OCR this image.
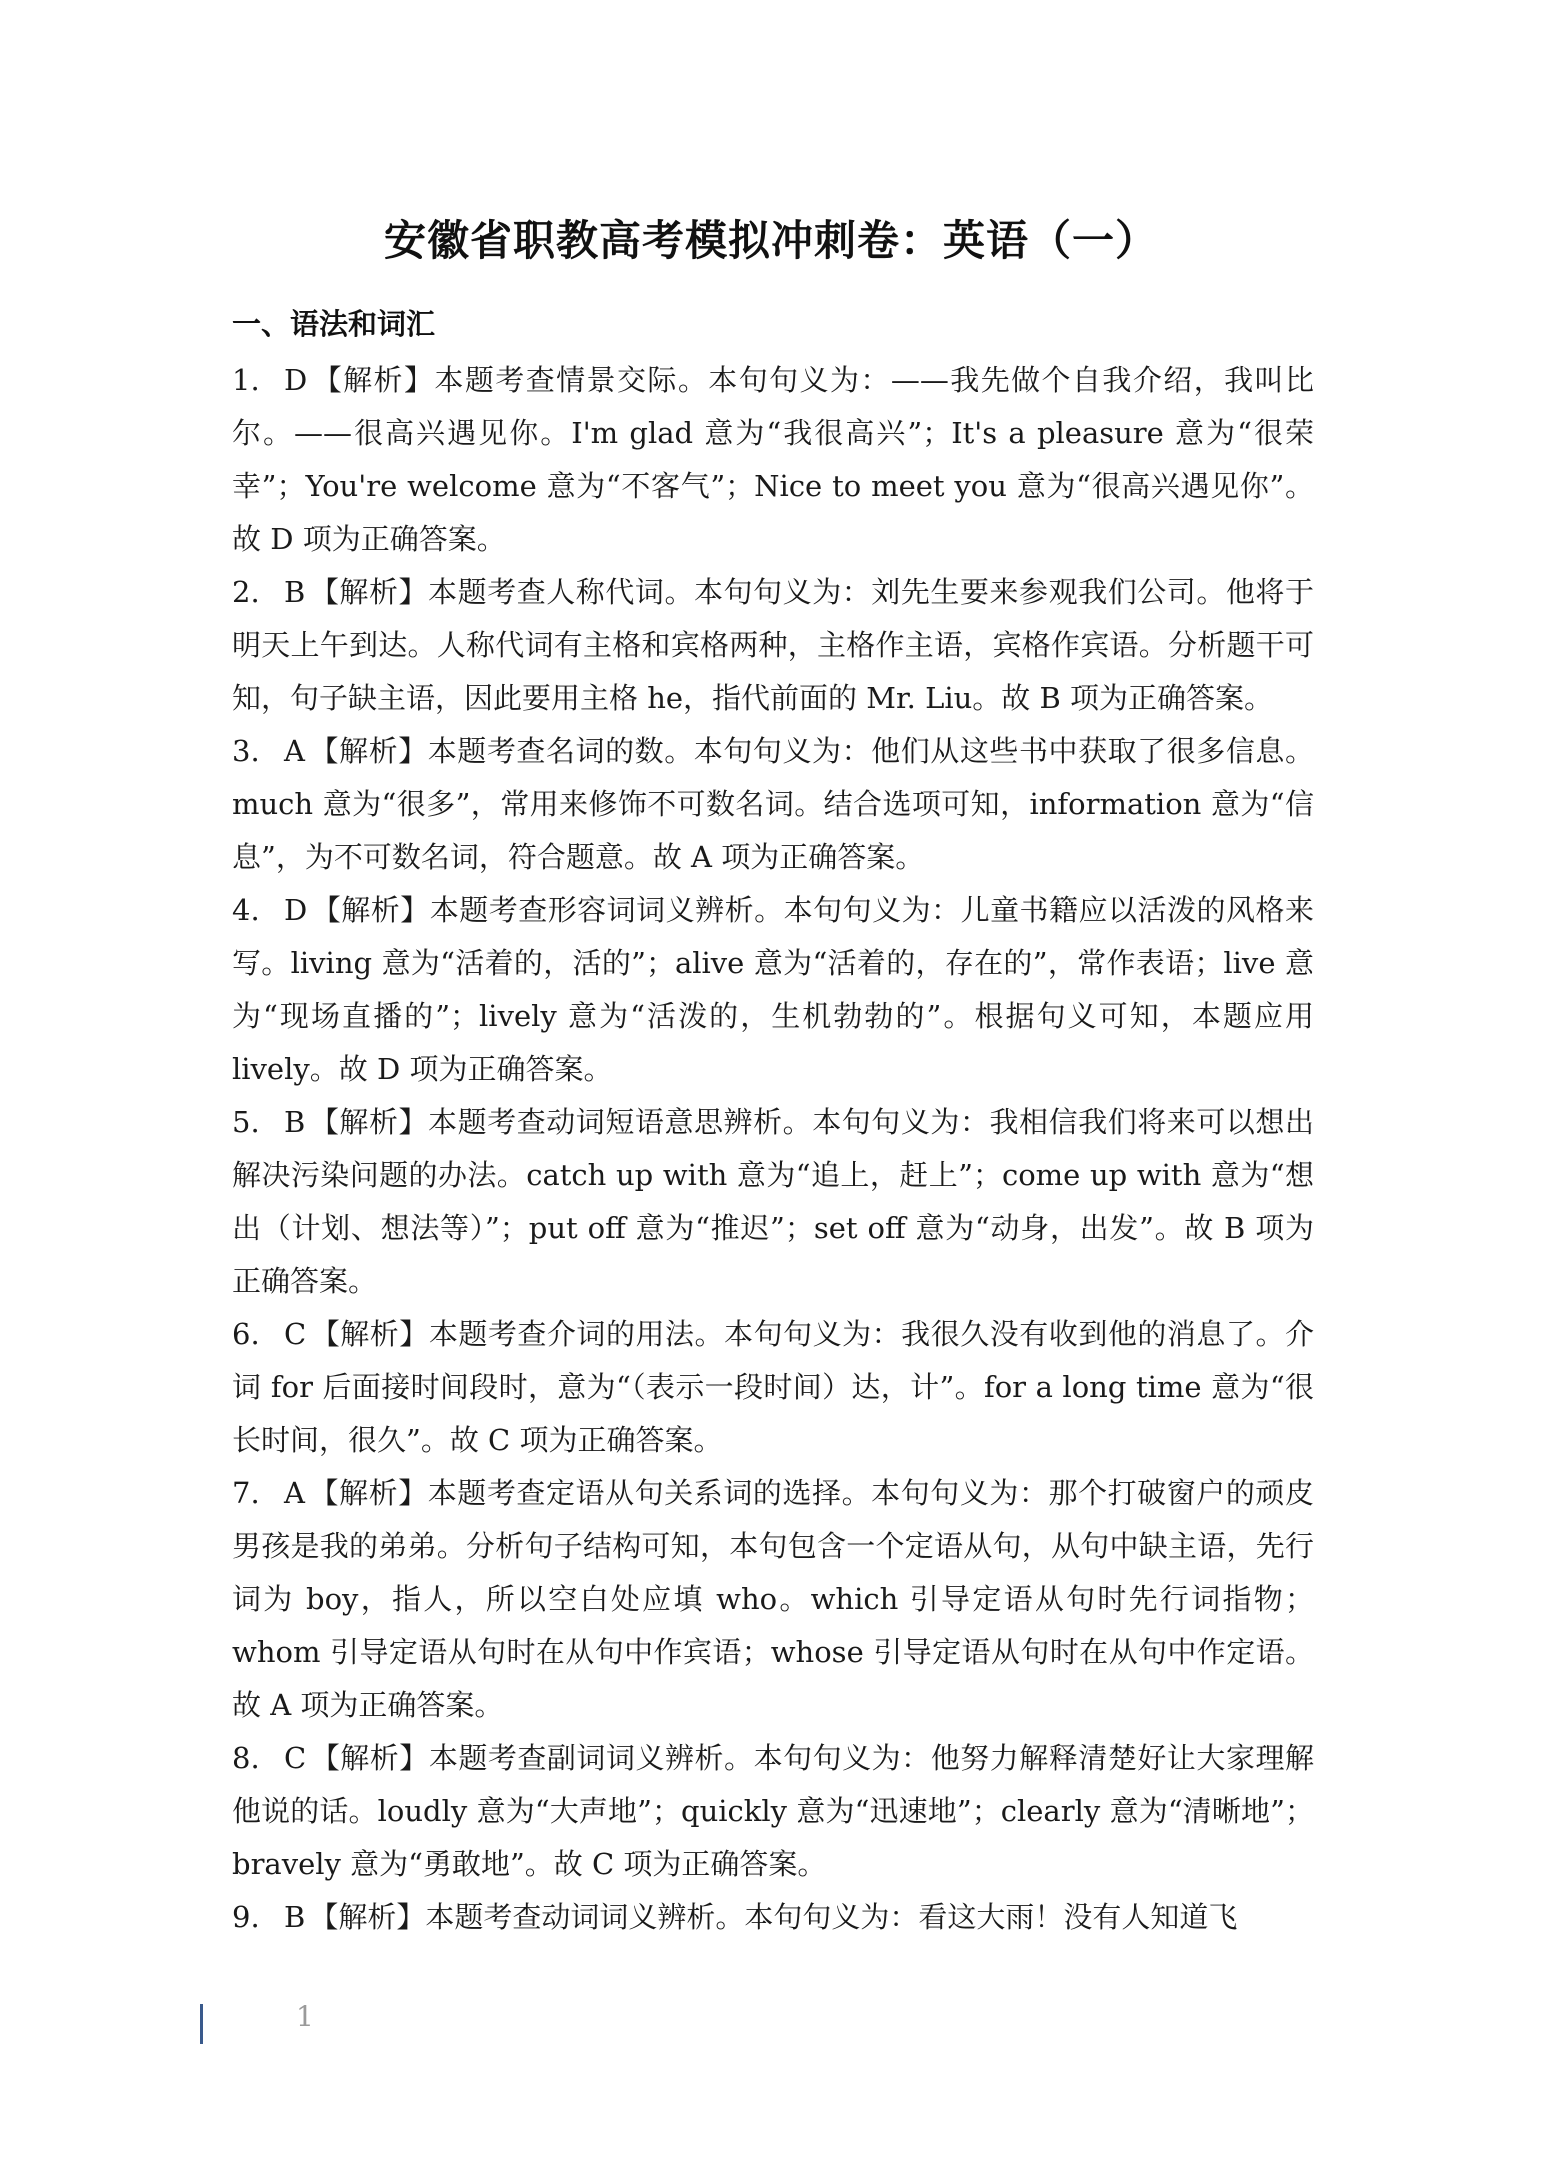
安徽省职教高考模拟冲刺卷：英语（一）
一、语法和词汇

1. D 【解析】本题考查情景交际。本句句义为：——我先做个自我介绍，我叫比尔。——很高兴遇见你。I'm glad 意为“我很高兴”；It's a pleasure 意为“很荣幸”；You're welcome 意为“不客气”；Nice to meet you 意为“很高兴遇见你”。故 D 项为正确答案。

2. B 【解析】本题考查人称代词。本句句义为：刘先生要来参观我们公司。他将于明天上午到达。人称代词有主格和宾格两种，主格作主语，宾格作宾语。分析题干可知，句子缺主语，因此要用主格 he，指代前面的 Mr. Liu。故 B 项为正确答案。

3. A 【解析】本题考查名词的数。本句句义为：他们从这些书中获取了很多信息。much 意为“很多”，常用来修饰不可数名词。结合选项可知，information 意为“信息”，为不可数名词，符合题意。故 A 项为正确答案。

4. D 【解析】本题考查形容词词义辨析。本句句义为：儿童书籍应以活泼的风格来写。living 意为“活着的，活的”；alive 意为“活着的，存在的”，常作表语；live 意为“现场直播的”；lively 意为“活泼的，生机勃勃的”。根据句义可知，本题应用 lively。故 D 项为正确答案。

5. B 【解析】本题考查动词短语意思辨析。本句句义为：我相信我们将来可以想出解决污染问题的办法。catch up with 意为“追上，赶上”；come up with 意为“想出（计划、想法等）”；put off 意为“推迟”；set off 意为“动身，出发”。故 B 项为正确答案。

6. C 【解析】本题考查介词的用法。本句句义为：我很久没有收到他的消息了。介词 for 后面接时间段时，意为“（表示一段时间）达，计”。for a long time 意为“很长时间，很久”。故 C 项为正确答案。

7. A 【解析】本题考查定语从句关系词的选择。本句句义为：那个打破窗户的顽皮男孩是我的弟弟。分析句子结构可知，本句包含一个定语从句，从句中缺主语，先行词为 boy，指人，所以空白处应填 who。which 引导定语从句时先行词指物；whom 引导定语从句时在从句中作宾语；whose 引导定语从句时在从句中作定语。故 A 项为正确答案。

8. C 【解析】本题考查副词词义辨析。本句句义为：他努力解释清楚好让大家理解他说的话。loudly 意为“大声地”；quickly 意为“迅速地”；clearly 意为“清晰地”；bravely 意为“勇敢地”。故 C 项为正确答案。

9. B 【解析】本题考查动词词义辨析。本句句义为：看这大雨！没有人知道飞

1
